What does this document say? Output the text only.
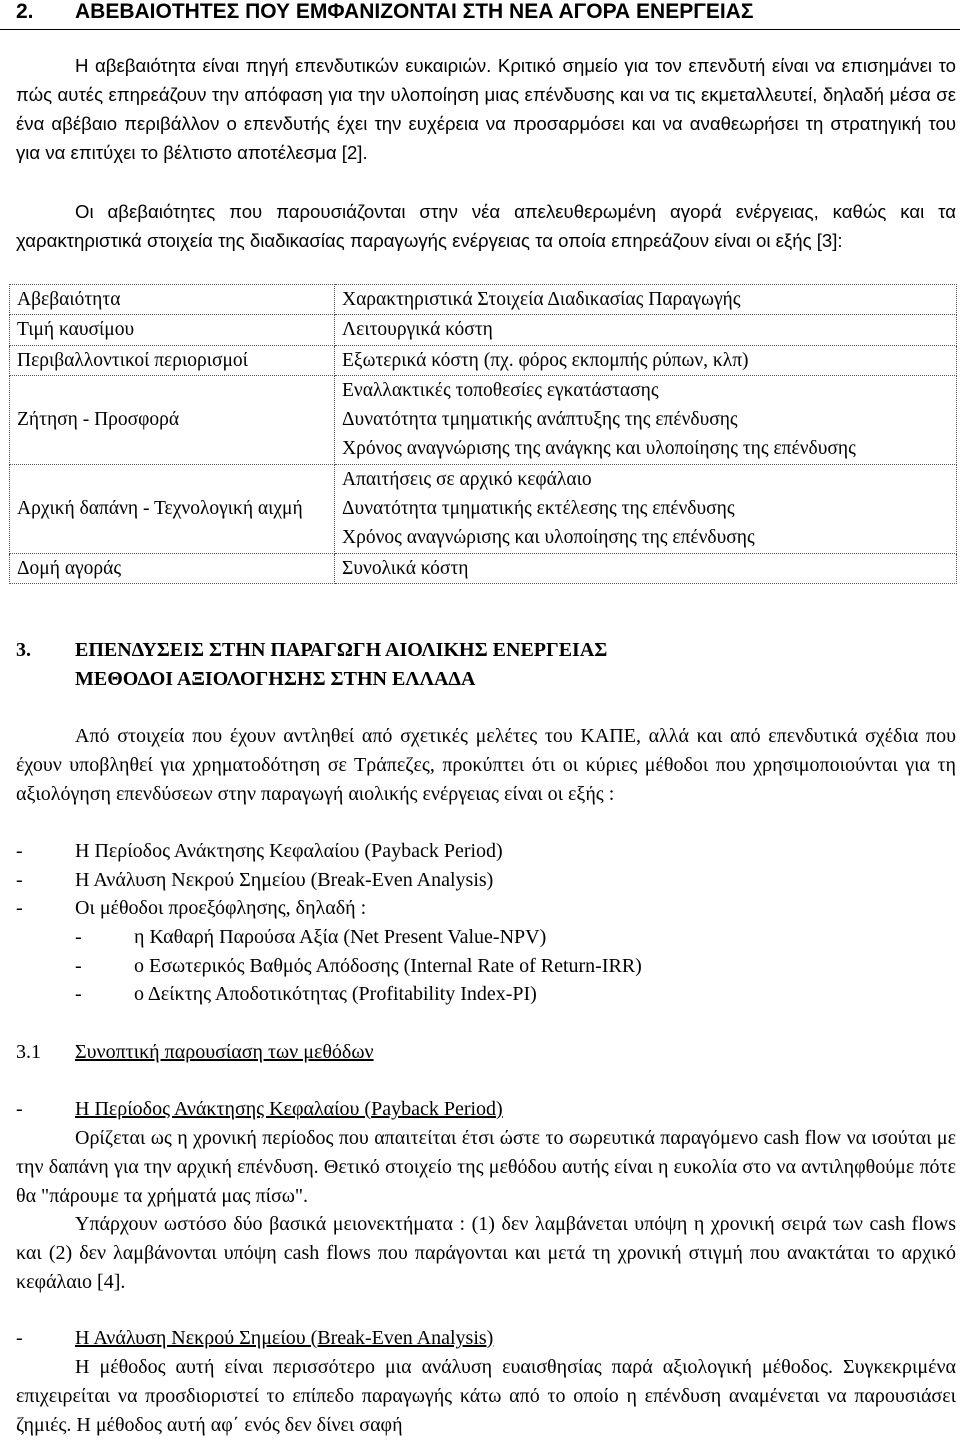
2. ΑΒΕΒΑΙΟΤΗΤΕΣ ΠΟΥ ΕΜΦΑΝΙΖΟΝΤΑΙ ΣΤΗ ΝΕΑ ΑΓΟΡΑ ΕΝΕΡΓΕΙΑΣ
Η αβεβαιότητα είναι πηγή επενδυτικών ευκαιριών. Κριτικό σημείο για τον επενδυτή είναι να επισημάνει το πώς αυτές επηρεάζουν την απόφαση για την υλοποίηση μιας επένδυσης και να τις εκμεταλλευτεί, δηλαδή μέσα σε ένα αβέβαιο περιβάλλον ο επενδυτής έχει την ευχέρεια να προσαρμόσει και να αναθεωρήσει τη στρατηγική του για να επιτύχει το βέλτιστο αποτέλεσμα [2].
Οι αβεβαιότητες που παρουσιάζονται στην νέα απελευθερωμένη αγορά ενέργειας, καθώς και τα χαρακτηριστικά στοιχεία της διαδικασίας παραγωγής ενέργειας τα οποία επηρεάζουν είναι οι εξής [3]:
Αβεβαιότητα	Χαρακτηριστικά Στοιχεία Διαδικασίας Παραγωγής
Τιμή καυσίμου	Λειτουργικά κόστη
Περιβαλλοντικοί περιορισμοί	Εξωτερικά κόστη (πχ. φόρος εκπομπής ρύπων, κλπ)
Ζήτηση - Προσφορά	Εναλλακτικές τοποθεσίες εγκατάστασης
Δυνατότητα τμηματικής ανάπτυξης της επένδυσης
Χρόνος αναγνώρισης της ανάγκης και υλοποίησης της επένδυσης
Αρχική δαπάνη - Τεχνολογική αιχμή	Απαιτήσεις σε αρχικό κεφάλαιο
Δυνατότητα τμηματικής εκτέλεσης της επένδυσης
Χρόνος αναγνώρισης και υλοποίησης της επένδυσης
Δομή αγοράς	Συνολικά κόστη
3. ΕΠΕΝΔΥΣΕΙΣ ΣΤΗΝ ΠΑΡΑΓΩΓΗ ΑΙΟΛΙΚΗΣ ΕΝΕΡΓΕΙΑΣ
ΜΕΘΟΔΟΙ ΑΞΙΟΛΟΓΗΣΗΣ ΣΤΗΝ ΕΛΛΑΔΑ
Από στοιχεία που έχουν αντληθεί από σχετικές μελέτες του ΚΑΠΕ, αλλά και από επενδυτικά σχέδια που έχουν υποβληθεί για χρηματοδότηση σε Τράπεζες, προκύπτει ότι οι κύριες μέθοδοι που χρησιμοποιούνται για τη αξιολόγηση επενδύσεων στην παραγωγή αιολικής ενέργειας είναι οι εξής :
-	Η Περίοδος Ανάκτησης Κεφαλαίου (Payback Period)
-	Η Ανάλυση Νεκρού Σημείου (Break-Even Analysis)
-	Οι μέθοδοι προεξόφλησης, δηλαδή :
-	η Καθαρή Παρούσα Αξία (Net Present Value-NPV)
-	ο Εσωτερικός Βαθμός Απόδοσης (Internal Rate of Return-IRR)
-	ο Δείκτης Αποδοτικότητας (Profitability Index-PI)
3.1 Συνοπτική παρουσίαση των μεθόδων
-	Η Περίοδος Ανάκτησης Κεφαλαίου (Payback Period)
Ορίζεται ως η χρονική περίοδος που απαιτείται έτσι ώστε το σωρευτικά παραγόμενο cash flow να ισούται με την δαπάνη για την αρχική επένδυση. Θετικό στοιχείο της μεθόδου αυτής είναι η ευκολία στο να αντιληφθούμε πότε θα "πάρουμε τα χρήματά μας πίσω".
Υπάρχουν ωστόσο δύο βασικά μειονεκτήματα : (1) δεν λαμβάνεται υπόψη η χρονική σειρά των cash flows και (2) δεν λαμβάνονται υπόψη cash flows που παράγονται και μετά τη χρονική στιγμή που ανακτάται το αρχικό κεφάλαιο [4].
-	Η Ανάλυση Νεκρού Σημείου (Break-Even Analysis)
Η μέθοδος αυτή είναι περισσότερο μια ανάλυση ευαισθησίας παρά αξιολογική μέθοδος. Συγκεκριμένα επιχειρείται να προσδιοριστεί το επίπεδο παραγωγής κάτω από το οποίο η επένδυση αναμένεται να παρουσιάσει ζημιές. Η μέθοδος αυτή αφ΄ ενός δεν δίνει σαφή
